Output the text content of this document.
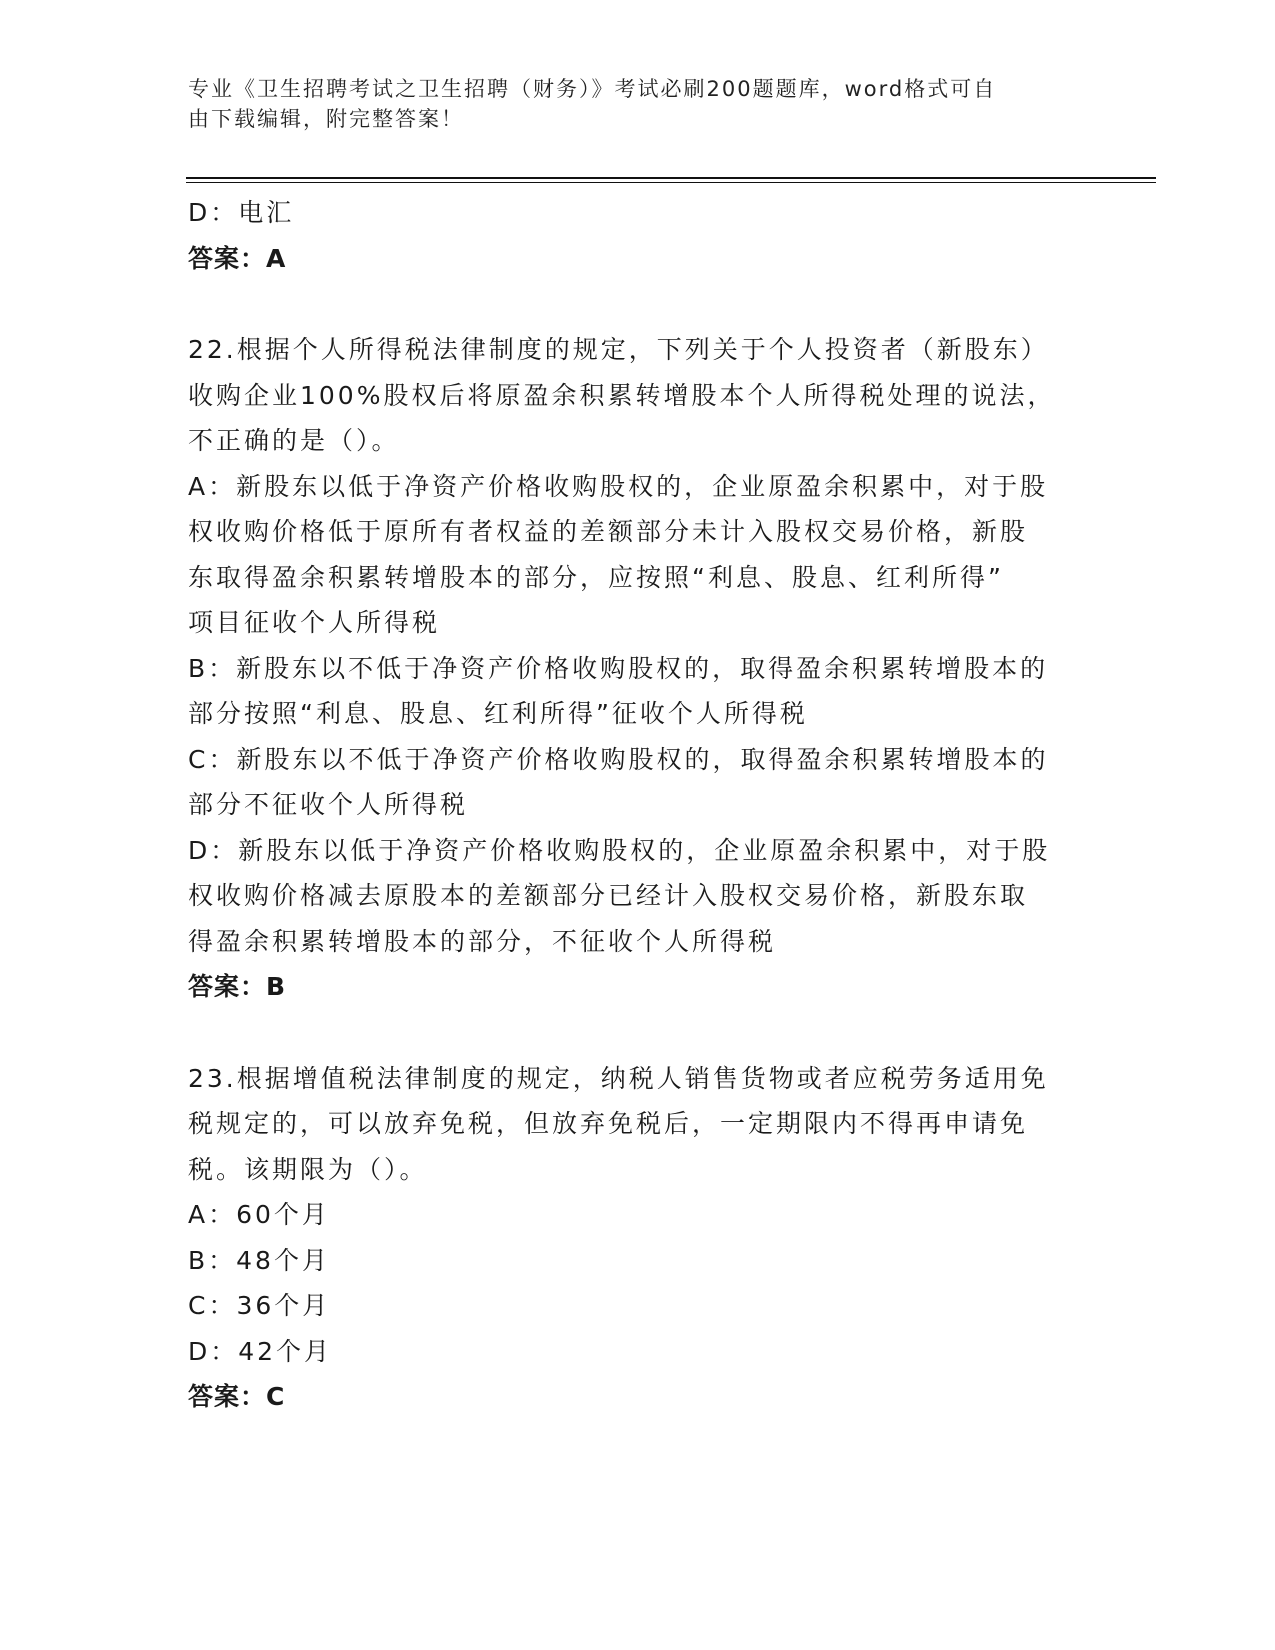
专业《卫生招聘考试之卫生招聘（财务）》考试必刷200题题库，word格式可自
由下载编辑，附完整答案！
D：电汇
答案：A
22.根据个人所得税法律制度的规定，下列关于个人投资者（新股东）
收购企业100%股权后将原盈余积累转增股本个人所得税处理的说法，
不正确的是（）。
A：新股东以低于净资产价格收购股权的，企业原盈余积累中，对于股
权收购价格低于原所有者权益的差额部分未计入股权交易价格，新股
东取得盈余积累转增股本的部分，应按照“利息、股息、红利所得”
项目征收个人所得税
B：新股东以不低于净资产价格收购股权的，取得盈余积累转增股本的
部分按照“利息、股息、红利所得”征收个人所得税
C：新股东以不低于净资产价格收购股权的，取得盈余积累转增股本的
部分不征收个人所得税
D：新股东以低于净资产价格收购股权的，企业原盈余积累中，对于股
权收购价格减去原股本的差额部分已经计入股权交易价格，新股东取
得盈余积累转增股本的部分，不征收个人所得税
答案：B
23.根据增值税法律制度的规定，纳税人销售货物或者应税劳务适用免
税规定的，可以放弃免税，但放弃免税后，一定期限内不得再申请免
税。该期限为（）。
A：60个月
B：48个月
C：36个月
D：42个月
答案：C
